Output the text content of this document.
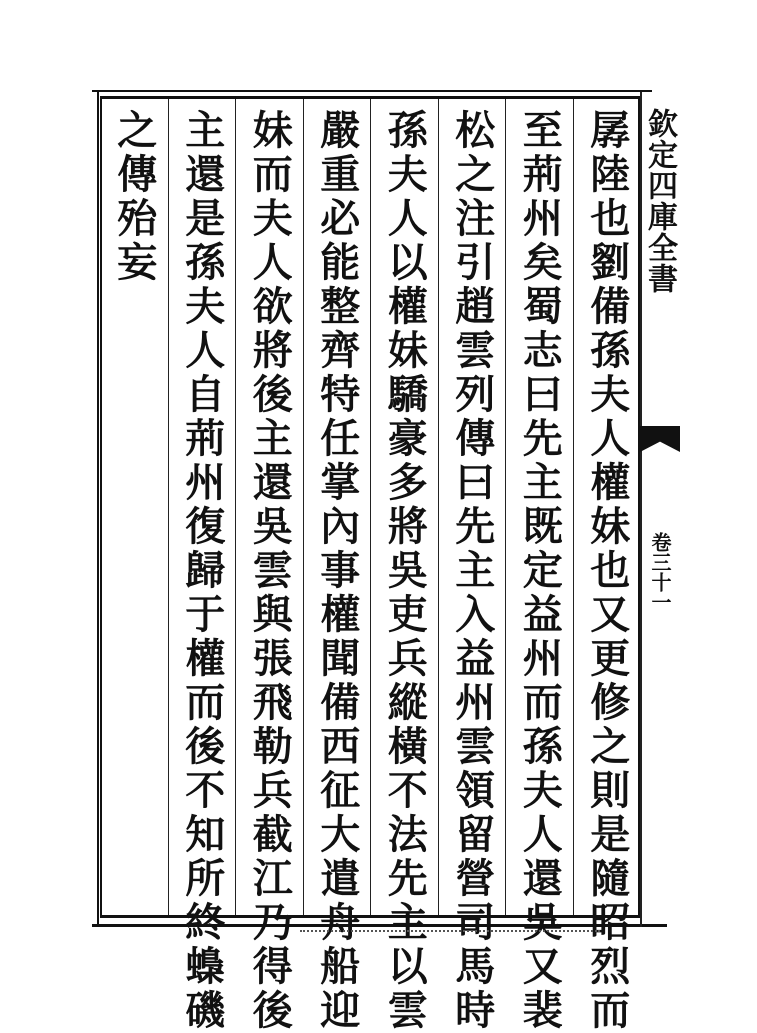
孱陸也劉備孫夫人權妹也又更修之則是隨昭烈而
至荊州矣蜀志曰先主既定益州而孫夫人還吳又裴
松之注引趙雲列傳曰先主入益州雲領留營司馬時
孫夫人以權妹驕豪多將吳吏兵縱橫不法先主以雲
嚴重必能整齊特任掌內事權聞備西征大遣舟船迎
妹而夫人欲將後主還吳雲與張飛勒兵截江乃得後
主還是孫夫人自荊州復歸于權而後不知所終蟂磯
之傳殆妄	欽定四庫全書
卷三十一
